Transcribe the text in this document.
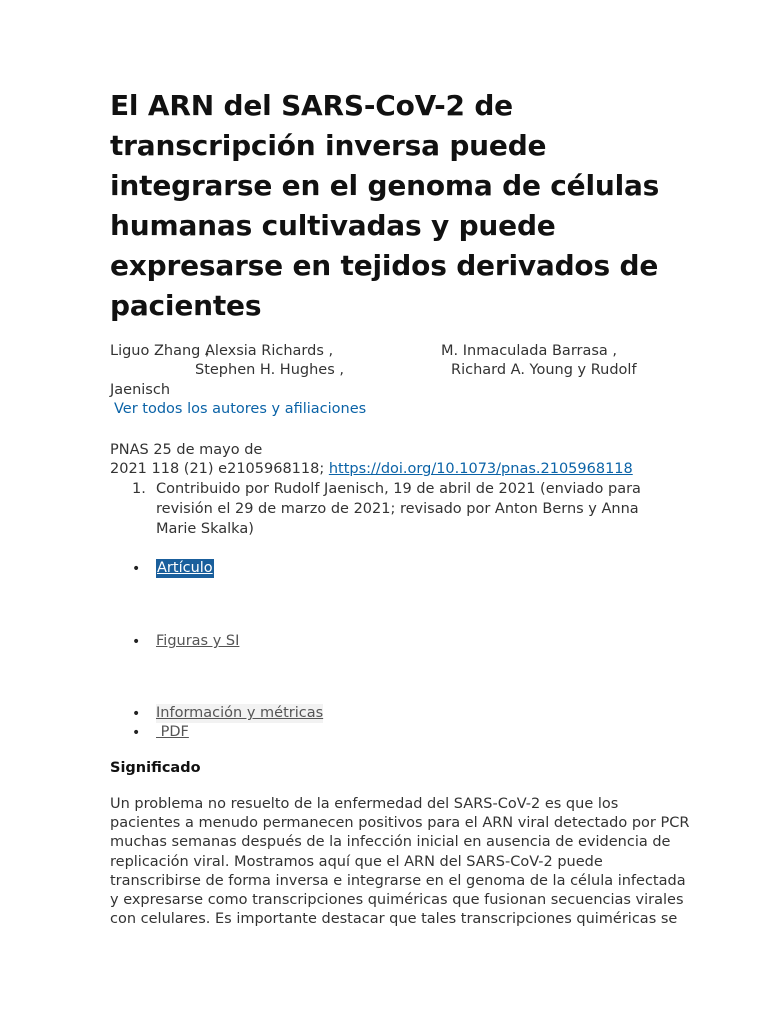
El ARN del SARS-CoV-2 de transcripción inversa puede integrarse en el genoma de células humanas cultivadas y puede expresarse en tejidos derivados de pacientes
Liguo Zhang ,
Alexsia Richards ,	M. Inmaculada Barrasa ,
Stephen H. Hughes ,	Richard A. Young y Rudolf
Jaenisch
Ver todos los autores y afiliaciones
PNAS 25 de mayo de
2021 118 (21) e2105968118; https://doi.org/10.1073/pnas.2105968118
1. Contribuido por Rudolf Jaenisch, 19 de abril de 2021 (enviado para revisión el 29 de marzo de 2021; revisado por Anton Berns y Anna Marie Skalka)

• Artículo
• Figuras y SI
• Información y métricas
• PDF
Significado

Un problema no resuelto de la enfermedad del SARS-CoV-2 es que los
pacientes a menudo permanecen positivos para el ARN viral detectado por PCR
muchas semanas después de la infección inicial en ausencia de evidencia de
replicación viral. Mostramos aquí que el ARN del SARS-CoV-2 puede
transcribirse de forma inversa e integrarse en el genoma de la célula infectada
y expresarse como transcripciones quiméricas que fusionan secuencias virales
con celulares. Es importante destacar que tales transcripciones quiméricas se
